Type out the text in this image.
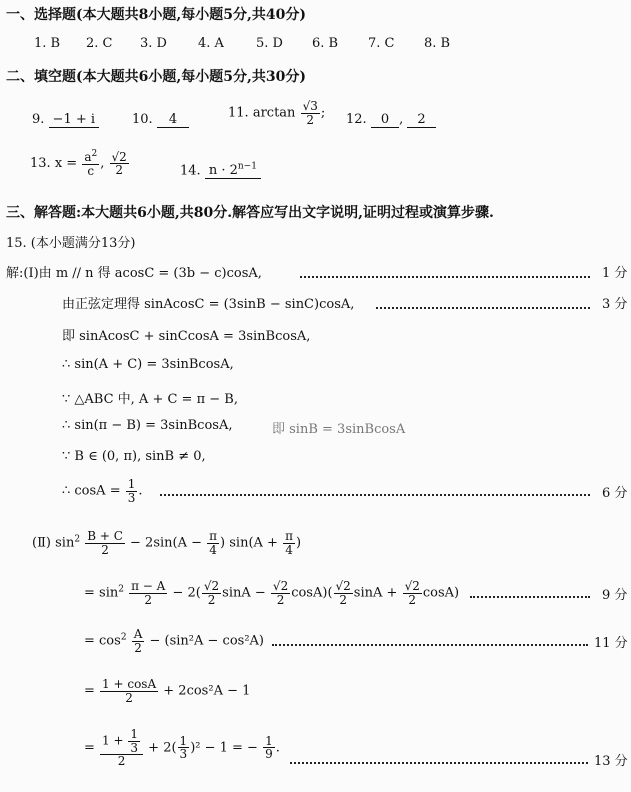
一、选择题(本大题共8小题,每小题5分,共40分)
1. B 2. C 3. D 4. A 5. D 6. B 7. C 8. B
二、填空题(本大题共6小题,每小题5分,共30分)
9. −1 + i	10. 4	11. $\arctan \frac{√3}{2}$ ; 12. 0 , 2
13. $x = \frac{a^2}{c}$ , $\frac{√2}{2}$	14. $n \cdot 2^{n-1}$
三、解答题:本大题共6小题,共80分.解答应写出文字说明,证明过程或演算步骤.
15. (本小题满分13分)
解:(Ⅰ)由 m // n 得 acosC = (3b − c)cosA,	1 分
由正弦定理得 sinAcosC = (3sinB − sinC)cosA,	3 分
即 sinAcosC + sinCcosA = 3sinBcosA,
∴ sin(A + C) = 3sinBcosA,
∵ △ABC 中, A + C = π − B,
∴ sin(π − B) = 3sinBcosA,	即 sinB = 3sinBcosA
∵ B ∈ (0, π), sinB ≠ 0,
∴ $\cos A = \frac{1}{3}$ .	6 分
(Ⅱ) $\sin^2 \frac{B + C}{2} - 2\sin(A - \frac{\pi}{4}$ ) $\sin(A + \frac{\pi}{4}$ )
= $\sin^2 \frac{\pi - A}{2} - 2( \frac{√2}{2}$ $\sin A - \frac{√2}{2} \cos A)( \frac{√2}{2}$ $\sin A + \frac{√2}{2} \cos A$)	9 分
= $\cos^2 \frac{A}{2} - (\sin^2A - \cos^2A)$	11 分
= $\frac{1 + \cos A}{2} + 2\cos^2A - 1$
= $\frac{1 + \frac{1}{3}}{2} + 2( \frac{1}{3} )^2 - 1$ = − $\frac{1}{9}$ .
13 分
